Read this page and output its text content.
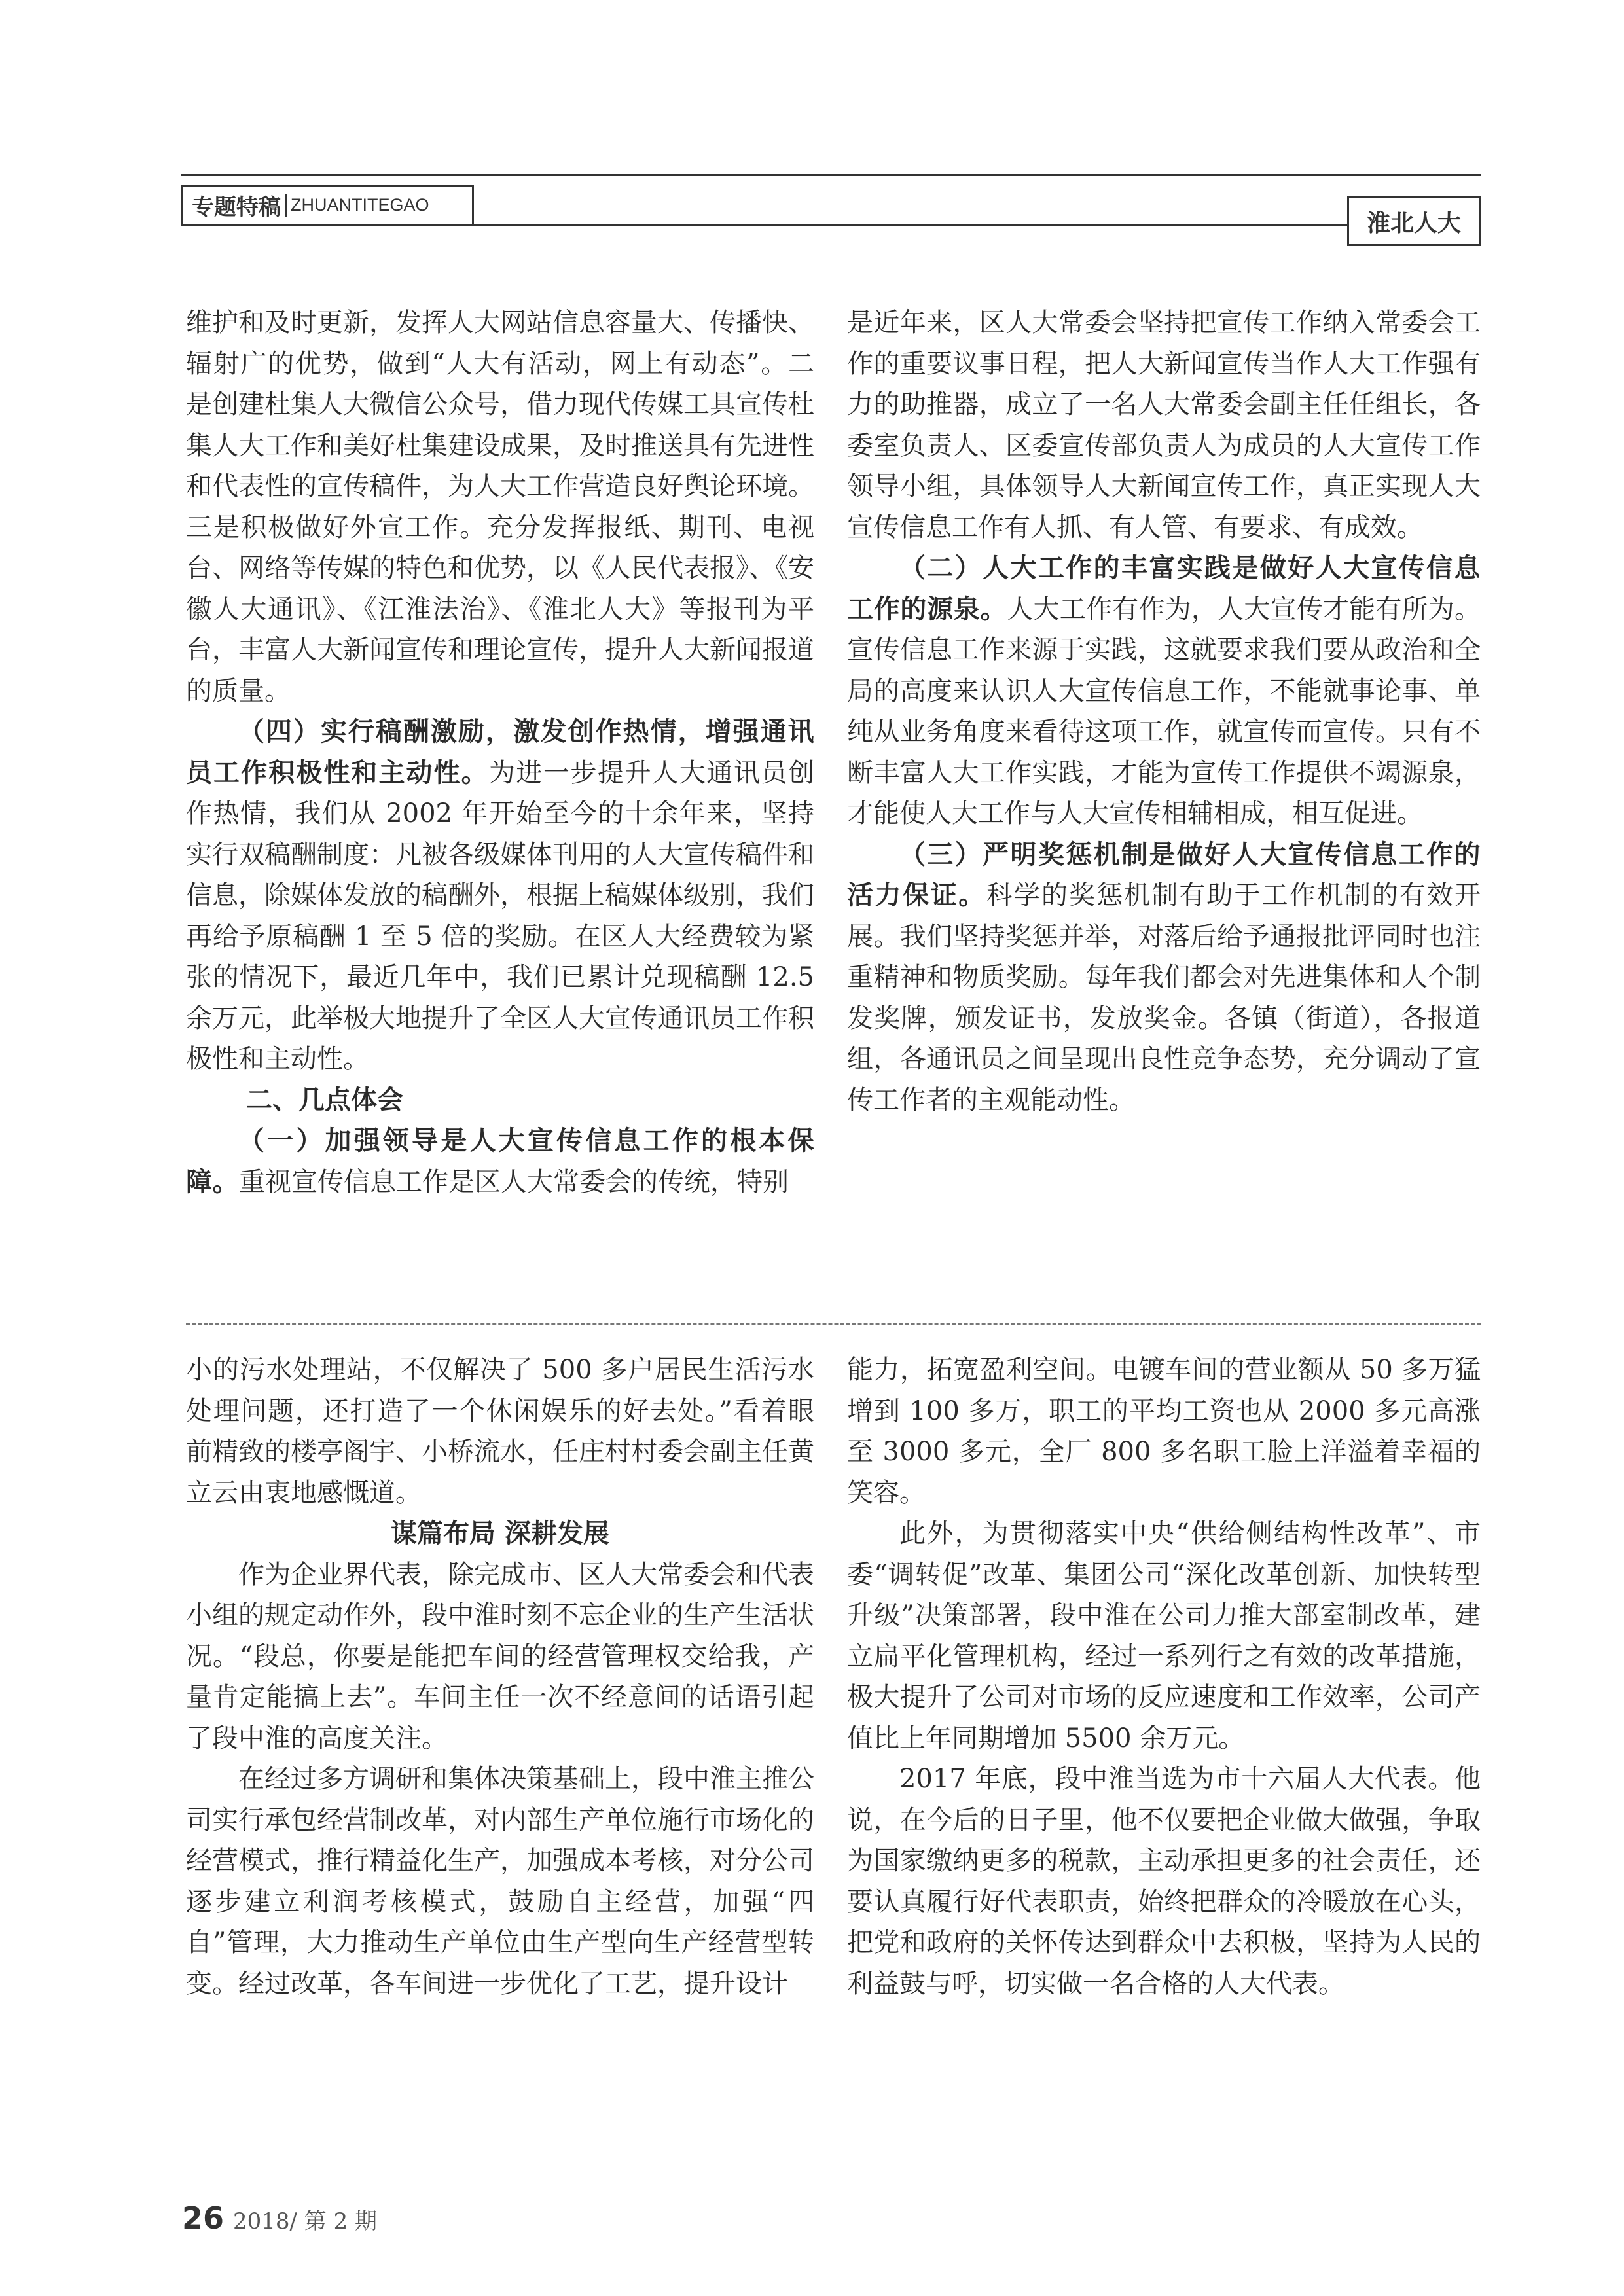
专题特稿 ZHUANTITEGAO
淮北人大

维护和及时更新，发挥人大网站信息容量大、传播快、辐射广的优势，做到“人大有活动，网上有动态”。二是创建杜集人大微信公众号，借力现代传媒工具宣传杜集人大工作和美好杜集建设成果，及时推送具有先进性和代表性的宣传稿件，为人大工作营造良好舆论环境。三是积极做好外宣工作。充分发挥报纸、期刊、电视台、网络等传媒的特色和优势，以《人民代表报》、《安徽人大通讯》、《江淮法治》、《淮北人大》等报刊为平台，丰富人大新闻宣传和理论宣传，提升人大新闻报道的质量。

（四）实行稿酬激励，激发创作热情，增强通讯员工作积极性和主动性。为进一步提升人大通讯员创作热情，我们从 2002 年开始至今的十余年来，坚持实行双稿酬制度：凡被各级媒体刊用的人大宣传稿件和信息，除媒体发放的稿酬外，根据上稿媒体级别，我们再给予原稿酬 1 至 5 倍的奖励。在区人大经费较为紧张的情况下，最近几年中，我们已累计兑现稿酬 12.5 余万元，此举极大地提升了全区人大宣传通讯员工作积极性和主动性。

二、几点体会

（一）加强领导是人大宣传信息工作的根本保障。重视宣传信息工作是区人大常委会的传统，特别

是近年来，区人大常委会坚持把宣传工作纳入常委会工作的重要议事日程，把人大新闻宣传当作人大工作强有力的助推器，成立了一名人大常委会副主任任组长，各委室负责人、区委宣传部负责人为成员的人大宣传工作领导小组，具体领导人大新闻宣传工作，真正实现人大宣传信息工作有人抓、有人管、有要求、有成效。

（二）人大工作的丰富实践是做好人大宣传信息工作的源泉。人大工作有作为，人大宣传才能有所为。宣传信息工作来源于实践，这就要求我们要从政治和全局的高度来认识人大宣传信息工作，不能就事论事、单纯从业务角度来看待这项工作，就宣传而宣传。只有不断丰富人大工作实践，才能为宣传工作提供不竭源泉，才能使人大工作与人大宣传相辅相成，相互促进。

（三）严明奖惩机制是做好人大宣传信息工作的活力保证。科学的奖惩机制有助于工作机制的有效开展。我们坚持奖惩并举，对落后给予通报批评同时也注重精神和物质奖励。每年我们都会对先进集体和人个制发奖牌，颁发证书，发放奖金。各镇（街道），各报道组，各通讯员之间呈现出良性竞争态势，充分调动了宣传工作者的主观能动性。

小的污水处理站，不仅解决了 500 多户居民生活污水处理问题，还打造了一个休闲娱乐的好去处。”看着眼前精致的楼亭阁宇、小桥流水，任庄村村委会副主任黄立云由衷地感慨道。

谋篇布局 深耕发展

作为企业界代表，除完成市、区人大常委会和代表小组的规定动作外，段中淮时刻不忘企业的生产生活状况。“段总，你要是能把车间的经营管理权交给我，产量肯定能搞上去”。车间主任一次不经意间的话语引起了段中淮的高度关注。

在经过多方调研和集体决策基础上，段中淮主推公司实行承包经营制改革，对内部生产单位施行市场化的经营模式，推行精益化生产，加强成本考核，对分公司逐步建立利润考核模式，鼓励自主经营，加强“四自”管理，大力推动生产单位由生产型向生产经营型转变。经过改革，各车间进一步优化了工艺，提升设计

能力，拓宽盈利空间。电镀车间的营业额从 50 多万猛增到 100 多万，职工的平均工资也从 2000 多元高涨至 3000 多元，全厂 800 多名职工脸上洋溢着幸福的笑容。

此外，为贯彻落实中央“供给侧结构性改革”、市委“调转促”改革、集团公司“深化改革创新、加快转型升级”决策部署，段中淮在公司力推大部室制改革，建立扁平化管理机构，经过一系列行之有效的改革措施，极大提升了公司对市场的反应速度和工作效率，公司产值比上年同期增加 5500 余万元。

2017 年底，段中淮当选为市十六届人大代表。他说，在今后的日子里，他不仅要把企业做大做强，争取为国家缴纳更多的税款，主动承担更多的社会责任，还要认真履行好代表职责，始终把群众的冷暖放在心头，把党和政府的关怀传达到群众中去积极，坚持为人民的利益鼓与呼，切实做一名合格的人大代表。

26 2018/ 第 2 期
